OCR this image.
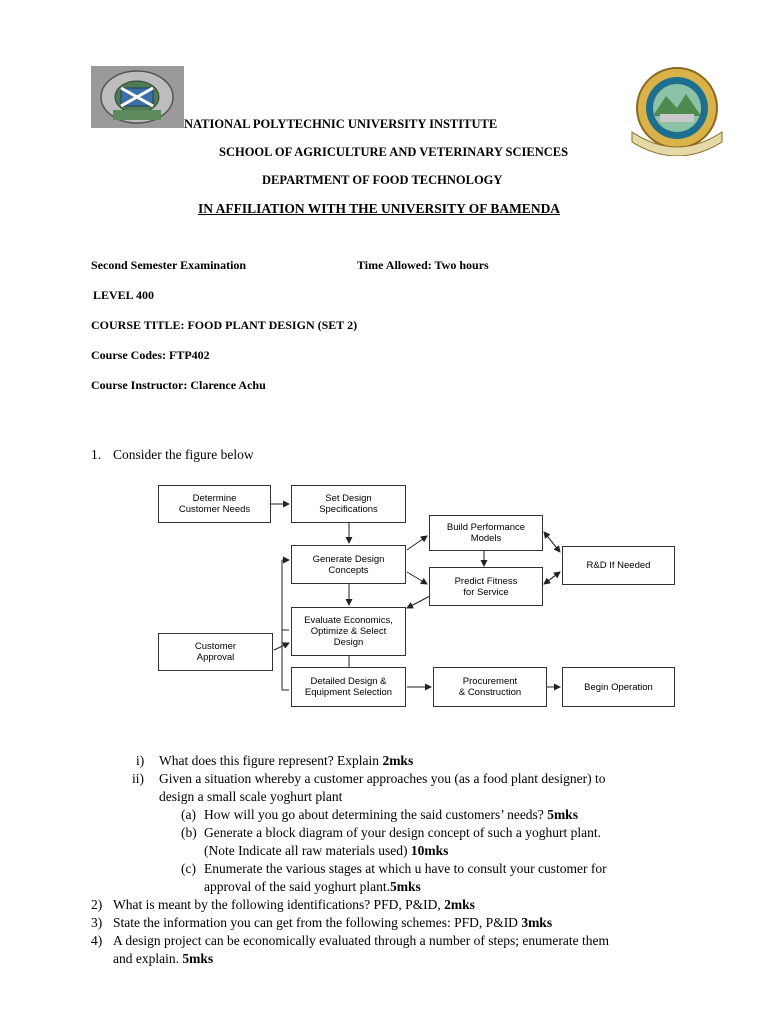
NATIONAL POLYTECHNIC UNIVERSITY INSTITUTE
SCHOOL OF AGRICULTURE AND VETERINARY SCIENCES
DEPARTMENT OF FOOD TECHNOLOGY
IN AFFILIATION WITH THE UNIVERSITY OF BAMENDA
Second Semester Examination	Time Allowed: Two hours
LEVEL 400
COURSE TITLE: FOOD PLANT DESIGN (SET 2)
Course Codes: FTP402
Course Instructor: Clarence Achu
1. Consider the figure below
Determine
Customer Needs
Set Design
Specifications
Build Performance
Models
Generate Design
Concepts	R&D If Needed
Predict Fitness
for Service
Evaluate Economics,
Optimize & Select
Design
Customer
Approval
Detailed Design &
Equipment Selection
Procurement
& Construction	Begin Operation
i) What does this figure represent? Explain 2mks
ii) Given a situation whereby a customer approaches you (as a food plant designer) to
design a small scale yoghurt plant
(a) How will you go about determining the said customers’ needs? 5mks
(b) Generate a block diagram of your design concept of such a yoghurt plant.
(Note Indicate all raw materials used) 10mks
(c) Enumerate the various stages at which u have to consult your customer for
approval of the said yoghurt plant.5mks
2) What is meant by the following identifications? PFD, P&ID, 2mks
3) State the information you can get from the following schemes: PFD, P&ID 3mks
4) A design project can be economically evaluated through a number of steps; enumerate them
and explain. 5mks
